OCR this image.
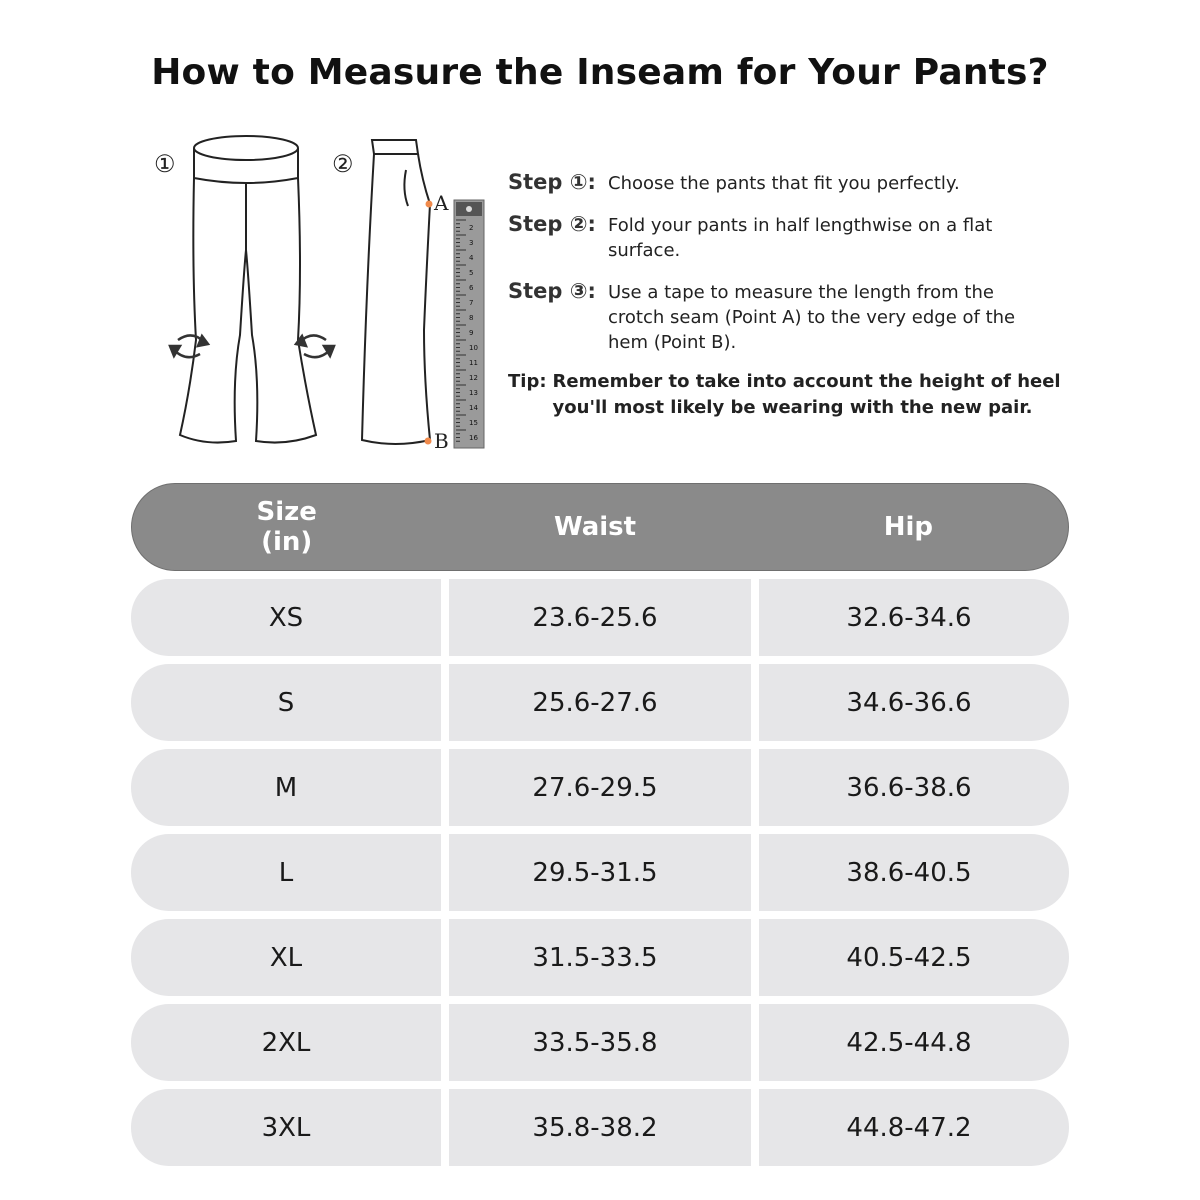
How to Measure the Inseam for Your Pants?
①	②
A
B
2
3
4
5
6
7
8
9
10
11
12
13
14
15
16
Step ①: Choose the pants that fit you perfectly.
Step ②: Fold your pants in half lengthwise on a flat surface.
Step ③: Use a tape to measure the length from the crotch seam (Point A) to the very edge of the hem (Point B).
Tip: Remember to take into account the height of heel you'll most likely be wearing with the new pair.
Size
(in)	Waist	Hip
XS	23.6-25.6	32.6-34.6
S	25.6-27.6	34.6-36.6
M	27.6-29.5	36.6-38.6
L	29.5-31.5	38.6-40.5
XL	31.5-33.5	40.5-42.5
2XL	33.5-35.8	42.5-44.8
3XL	35.8-38.2	44.8-47.2
